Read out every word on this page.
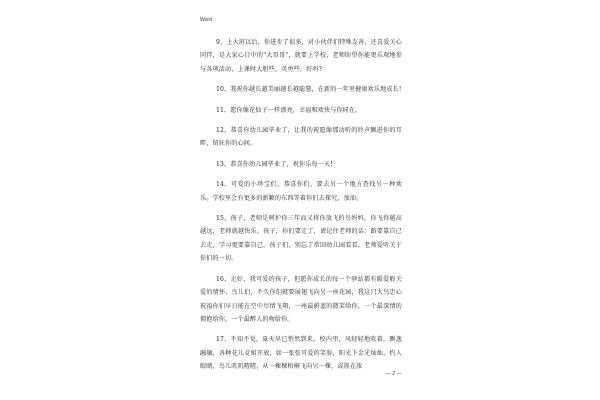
Word

9、上大班以后，你进步了很多，对小伙伴们特殊友善，还喜爱关心同伴，是大家心目中的"大哥哥"，就要上学校，老师盼望你能更乐观地参与各项活动，上课时大胆些，英勇些，好吗?

10、我祝你越长越美丽越长越聪慧，在新的一年里健康欢乐地成长!

11、愿你像花仙子一样漂亮，幸福和欢快与你同在。

12、恭喜你幼儿园毕业了，让我的祝愿像那动听的铃声飘进你的耳畔，留驻你的心间。

13、恭喜你幼儿园毕业了，祝你乐每一天!

14、可爱的小珍宝们，恭喜你们，要去另一个地方查找另一种欢乐。学校里会有更多的新颖的东西等着你们去探究，加油。

15、孩子，老师是呵护你三年而又将你放飞的鸟妈妈，你飞得越高越远，老师就越快乐。孩子，你们要走了，请记住老师的话：路要靠自己去走，学习更要靠自己。孩子们，别忘了常回幼儿园看看，老师爱听关于你们的一切。

16、走好，我可爱的孩子，但愿你成长的每一个驿站都有暖爱般关爱的情怀，鸟儿们，不久你们就要展翅飞向另一座花园，我这只大鸟忠心祝福你们早日能在空中尽情飞翔，一座最蔚蓝的微笑给你，一个最深情的拥抱给你，一个最醉人的吻给你。

17、不知不觉，夏天早已悄然到来，校内里，风轻轻地吹着，飘逸融融，各种花儿竞相开放，如一张张可爱的笑脸，阳光下金光灿灿，灼人眼睛，鸟儿叽叽喳喳，从一棵棵梧桐飞向另一棵，或簇在浓

— 2 —
